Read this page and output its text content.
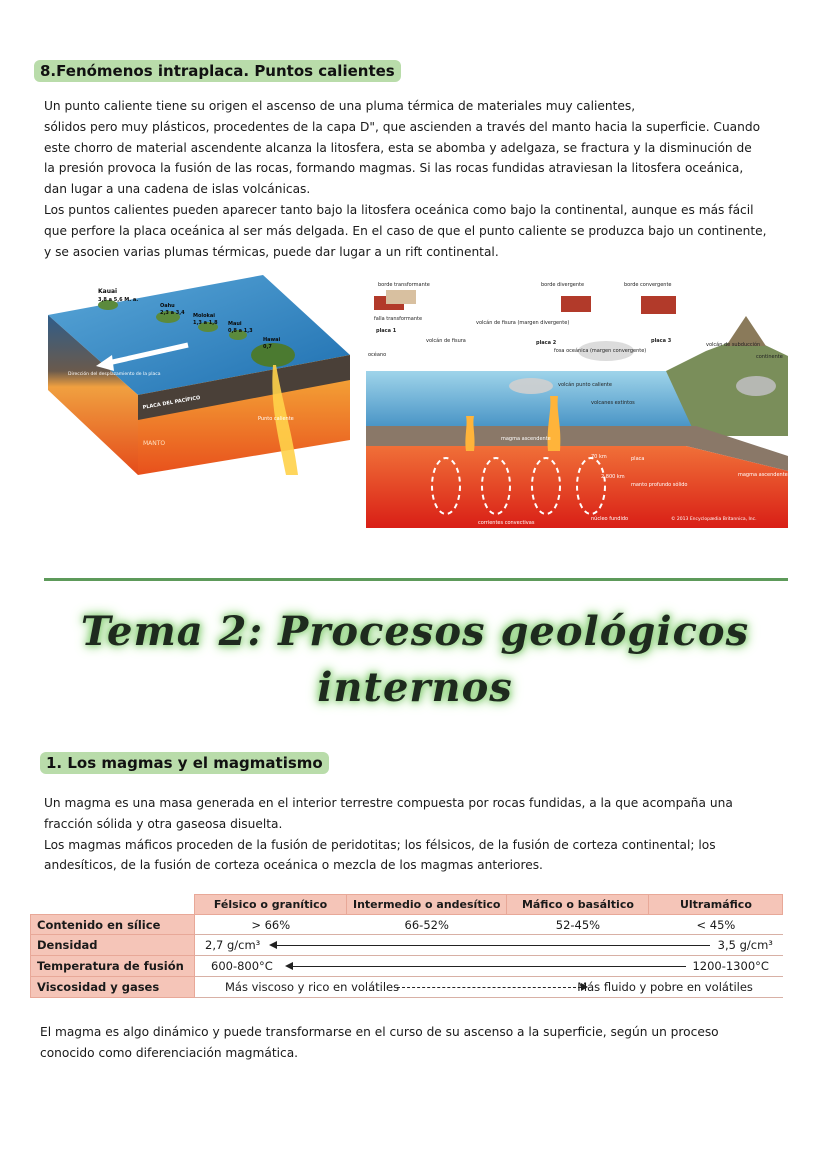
8.Fenómenos intraplaca. Puntos calientes

Un punto caliente tiene su origen el ascenso de una pluma térmica de materiales muy calientes,

sólidos pero muy plásticos, procedentes de la capa D", que ascienden a través del manto hacia la superficie. Cuando

este chorro de material ascendente alcanza la litosfera, esta se abomba y adelgaza, se fractura y la disminución de

la presión provoca la fusión de las rocas, formando magmas. Si las rocas fundidas atraviesan la litosfera oceánica,

dan lugar a una cadena de islas volcánicas.

Los puntos calientes pueden aparecer tanto bajo la litosfera oceánica como bajo la continental, aunque es más fácil

que perfore la placa oceánica al ser más delgada. En el caso de que el punto caliente se produzca bajo un continente,

y se asocien varias plumas térmicas, puede dar lugar a un rift continental.

Kauai
3,8 a 5,6 M. a.
Oahu
2,3 a 3,4 Molokai
1,3 a 1,8 Maui
0,8 a 1,3
Hawai
0,7
Dirección del desplazamiento de la placa
PLACA DEL PACÍFICO
Punto caliente
MANTO
borde transformante	borde divergente	borde convergente
falla transformante
placa 1
placa 2	placa 3
volcán de fisura (margen divergente)
volcán de fisura
océano
fosa oceánica (margen convergente)
volcán de subducción
continente
volcán punto caliente
volcanes extintos
magma ascendente
70 km	placa
2.800 km
manto profundo sólido
magma ascendente
corrientes convectivas
núcleo fundido	© 2013 Encyclopædia Britannica, Inc.
Tema 2: Procesos geológicos
internos
1. Los magmas y el magmatismo

Un magma es una masa generada en el interior terrestre compuesta por rocas fundidas, a la que acompaña una

fracción sólida y otra gaseosa disuelta.

Los magmas máficos proceden de la fusión de peridotitas; los félsicos, de la fusión de corteza continental; los

andesíticos, de la fusión de corteza oceánica o mezcla de los magmas anteriores.

	Félsico o granítico	Intermedio o andesítico	Máfico o basáltico	Ultramáfico
Contenido en sílice	> 66%	66-52%	52-45%	< 45%
Densidad	2,7 g/cm³ 3,5 g/cm³			

Temperatura de fusión	600-800°C 1200-1300°C			

Viscosidad y gases	Más viscoso y rico en volátiles Más fluido y pobre en volátiles			

El magma es algo dinámico y puede transformarse en el curso de su ascenso a la superficie, según un proceso

conocido como diferenciación magmática.
